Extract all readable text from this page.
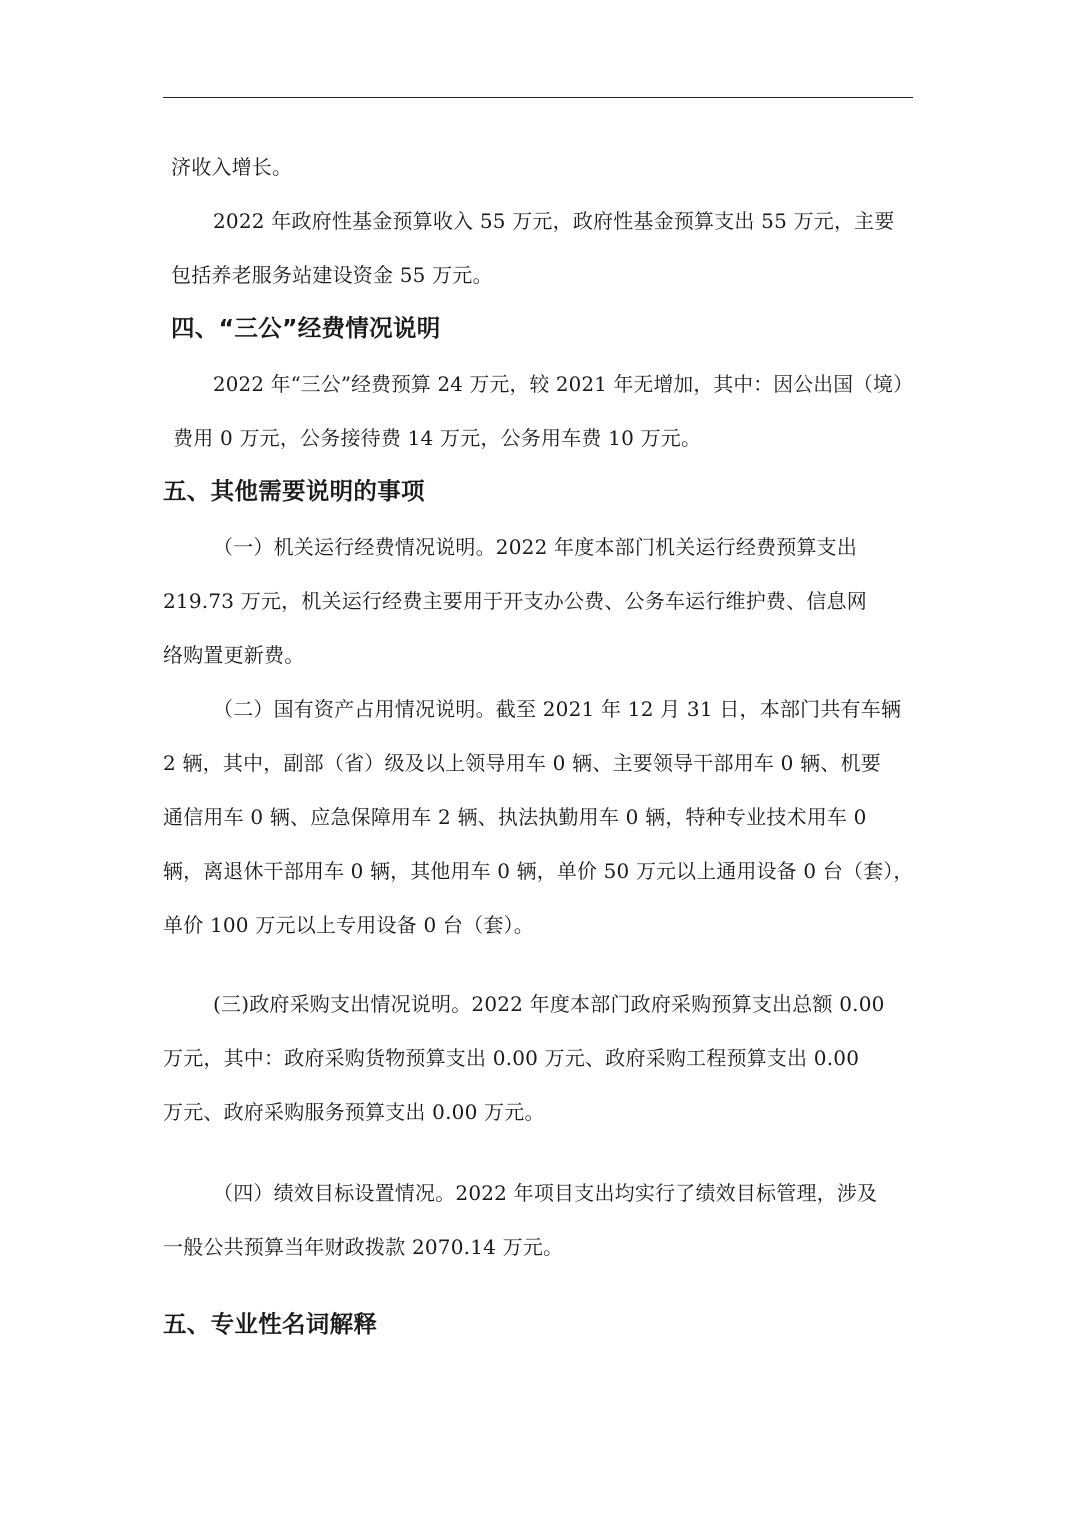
济收入增长。
2022 年政府性基金预算收入 55 万元，政府性基金预算支出 55 万元，主要
包括养老服务站建设资金 55 万元。
四、“三公”经费情况说明
2022 年“三公”经费预算 24 万元，较 2021 年无增加，其中：因公出国（境）
费用 0 万元，公务接待费 14 万元，公务用车费 10 万元。
五、其他需要说明的事项
（一）机关运行经费情况说明。2022 年度本部门机关运行经费预算支出
219.73 万元，机关运行经费主要用于开支办公费、公务车运行维护费、信息网
络购置更新费。
（二）国有资产占用情况说明。截至 2021 年 12 月 31 日，本部门共有车辆
2 辆，其中，副部（省）级及以上领导用车 0 辆、主要领导干部用车 0 辆、机要
通信用车 0 辆、应急保障用车 2 辆、执法执勤用车 0 辆，特种专业技术用车 0
辆，离退休干部用车 0 辆，其他用车 0 辆，单价 50 万元以上通用设备 0 台（套），
单价 100 万元以上专用设备 0 台（套）。
(三)政府采购支出情况说明。2022 年度本部门政府采购预算支出总额 0.00
万元，其中：政府采购货物预算支出 0.00 万元、政府采购工程预算支出 0.00
万元、政府采购服务预算支出 0.00 万元。
（四）绩效目标设置情况。2022 年项目支出均实行了绩效目标管理，涉及
一般公共预算当年财政拨款 2070.14 万元。
五、专业性名词解释
